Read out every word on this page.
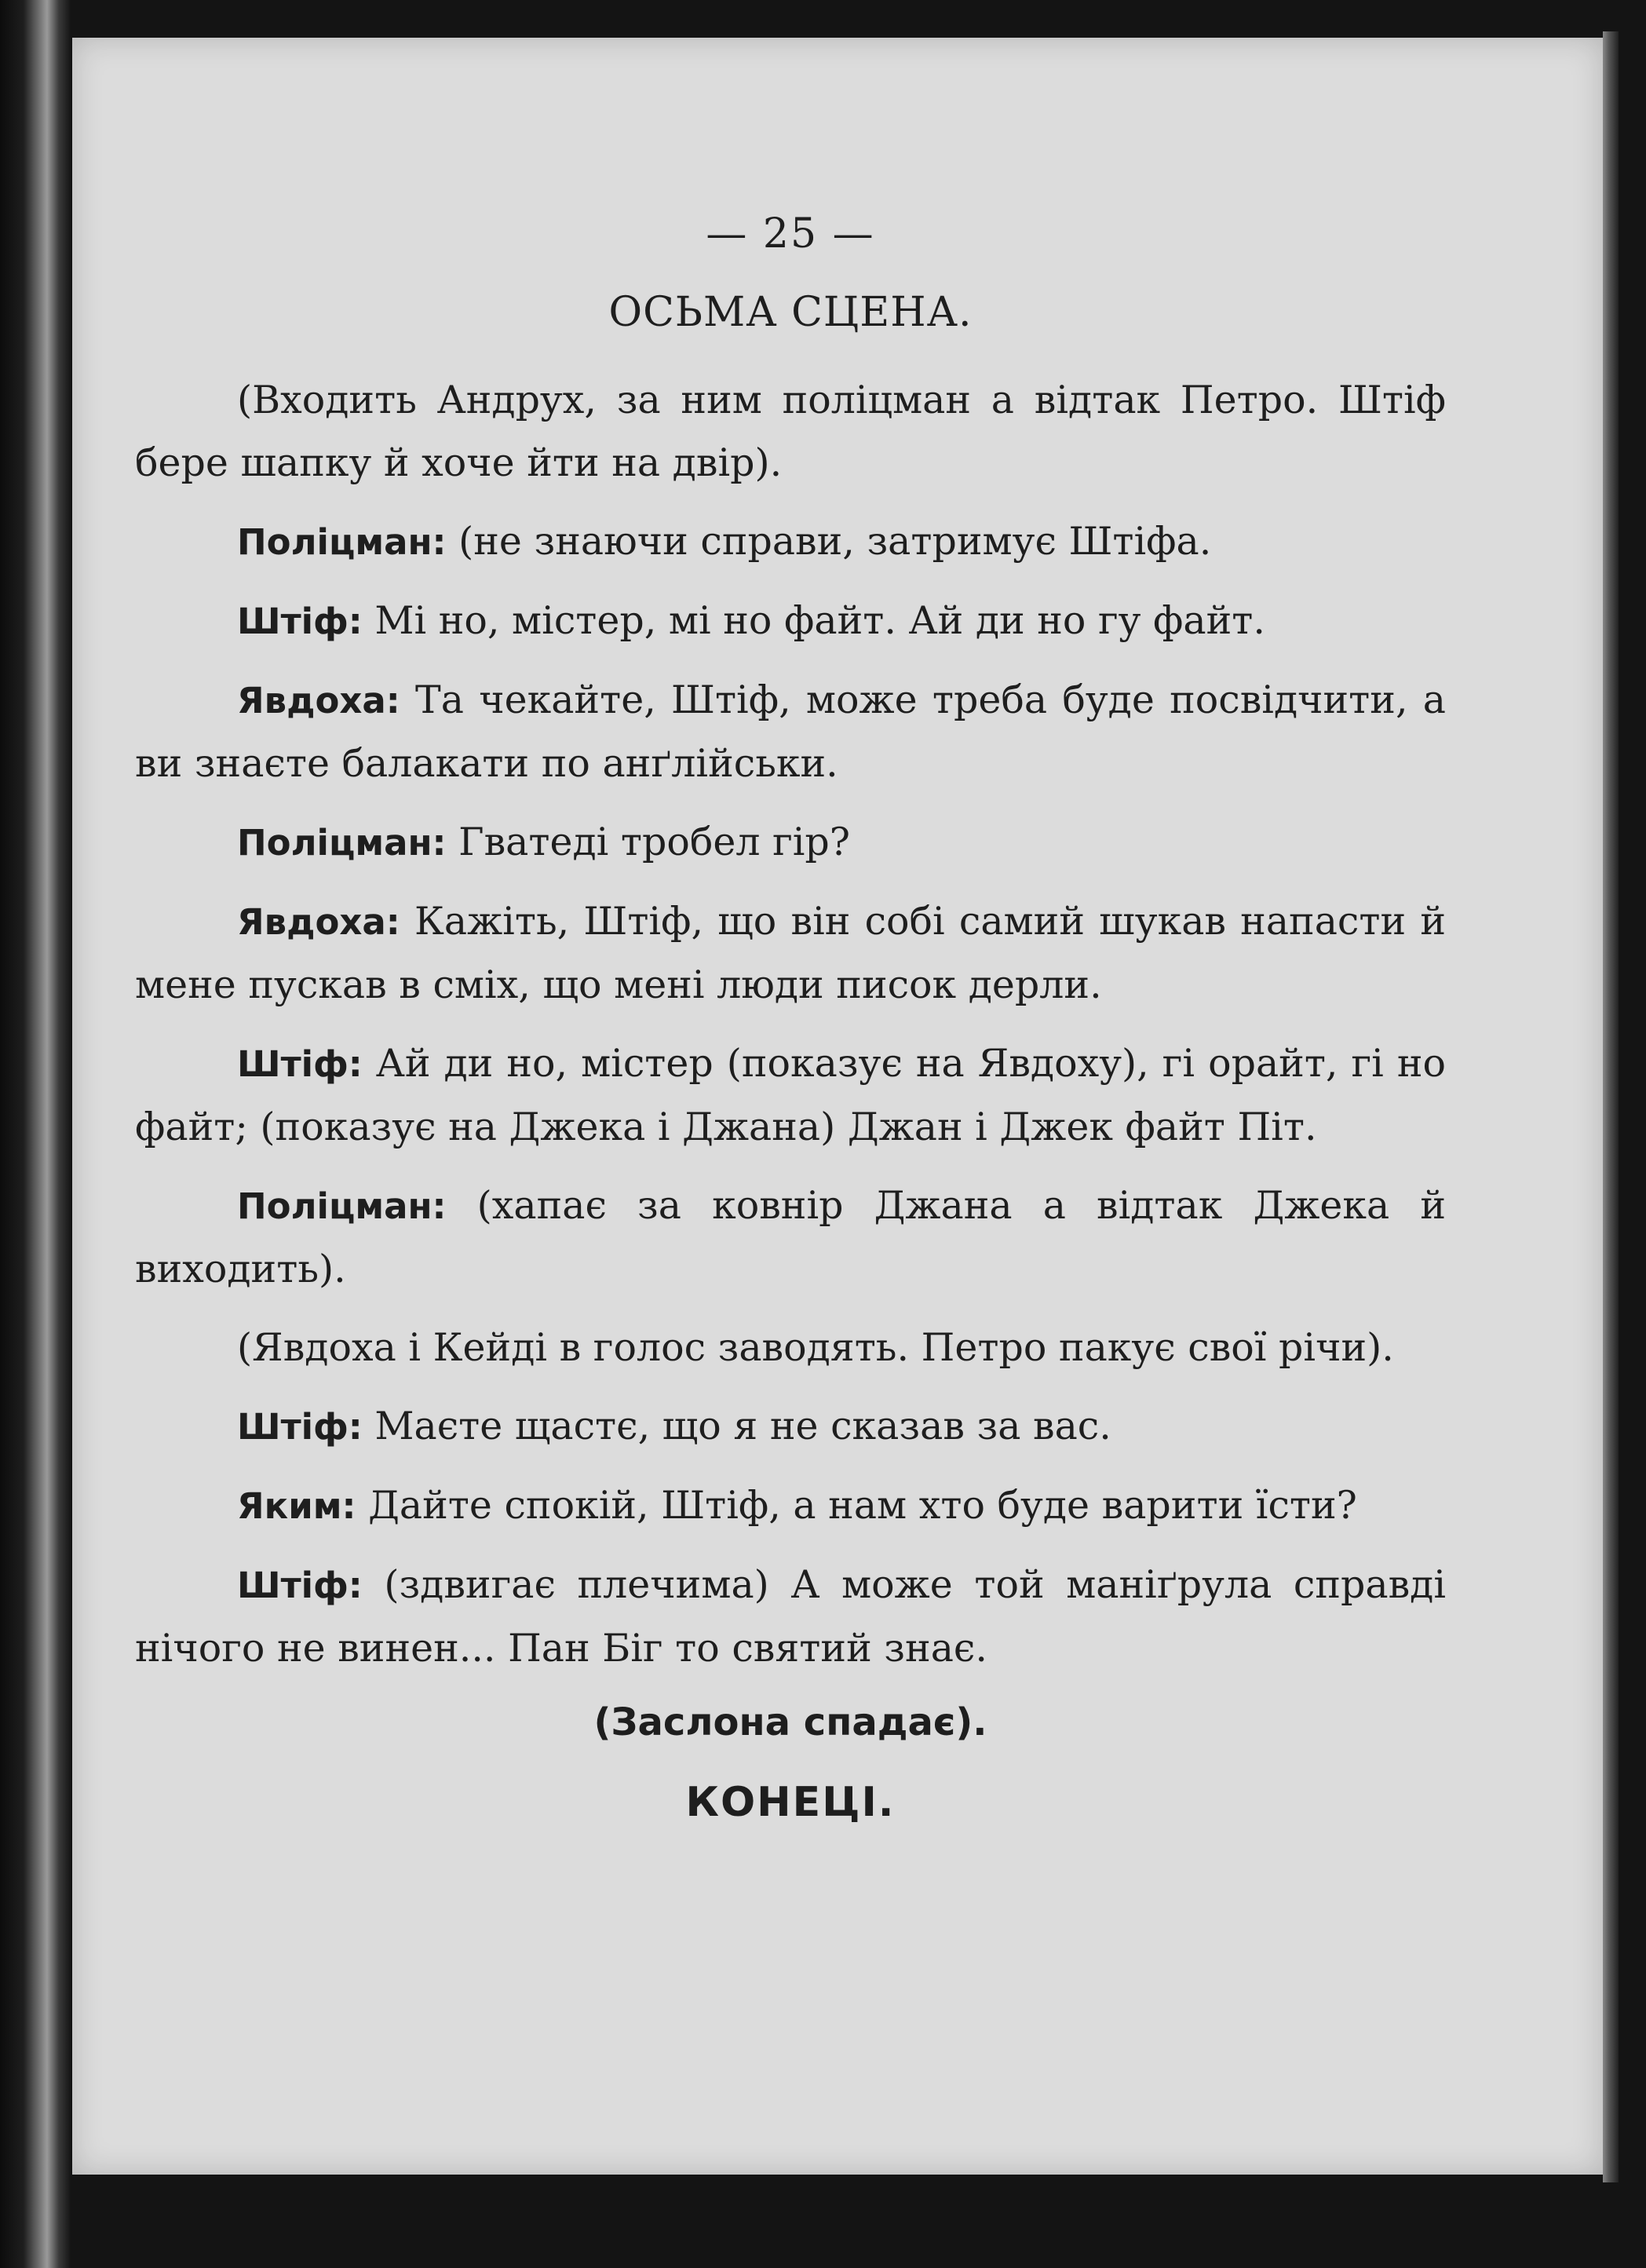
— 25 —
ОСЬМА СЦЕНА.

(Входить Андрух, за ним поліцман а відтак Петро. Штіф бере шапку й хоче йти на двір).

Поліцман: (не знаючи справи, затримує Штіфа.

Штіф: Мі но, містер, мі но файт. Ай ди но гу файт.

Явдоха: Та чекайте, Штіф, може треба буде посвідчити, а ви знаєте балакати по анґлійськи.

Поліцман: Гватеді тробел гір?

Явдоха: Кажіть, Штіф, що він собі самий шукав напасти й мене пускав в сміх, що мені люди писок дерли.

Штіф: Ай ди но, містер (показує на Явдоху), гі орайт, гі но файт; (показує на Джека і Джана) Джан і Джек файт Піт.

Поліцман: (хапає за ковнір Джана а відтак Джека й виходить).

(Явдоха і Кейді в голос заводять. Петро пакує свої річи).

Штіф: Маєте щастє, що я не сказав за вас.

Яким: Дайте спокій, Штіф, а нам хто буде варити їсти?

Штіф: (здвигає плечима) А може той маніґрула справді нічого не винен... Пан Біг то святий знає.

(Заслона спадає).
КОНЕЦІ.
